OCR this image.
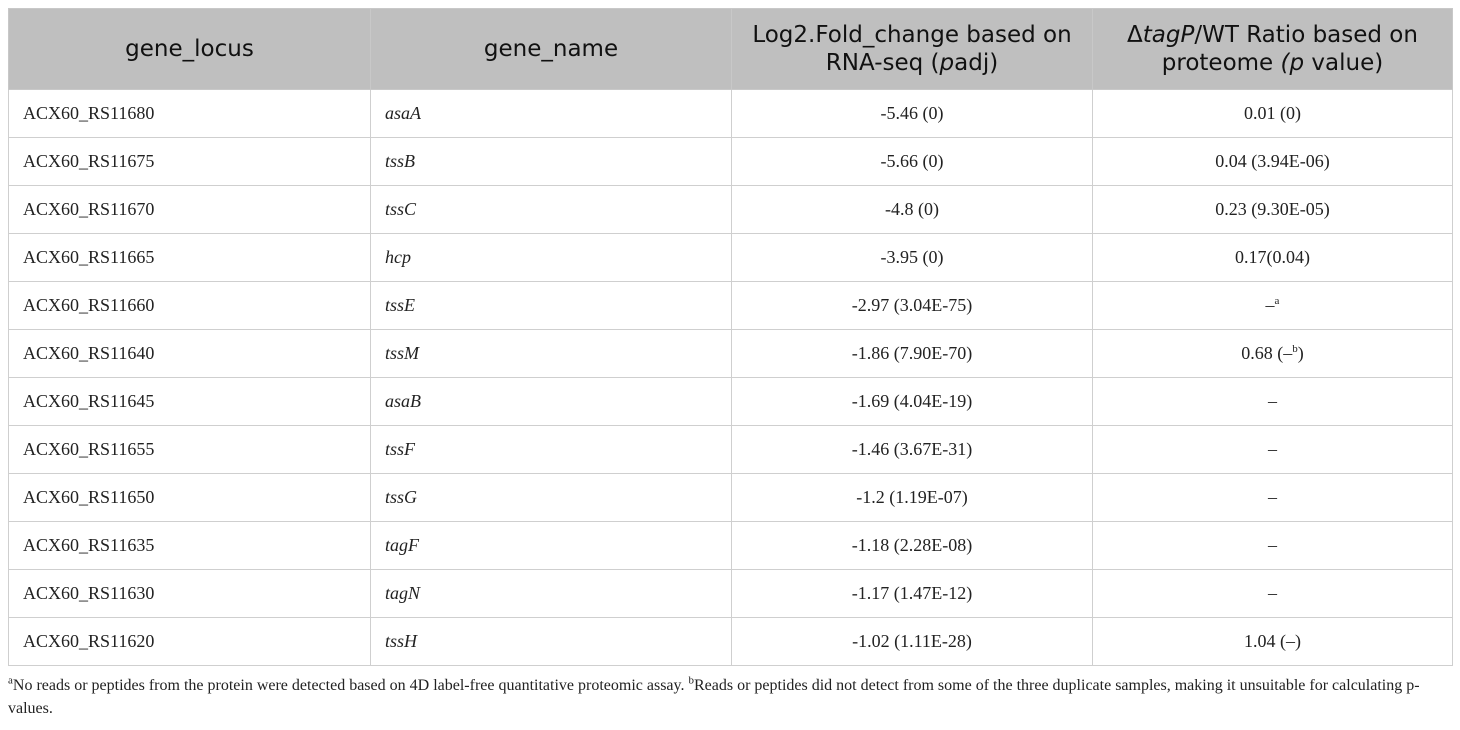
gene_locus	gene_name	Log2.Fold_change based on RNA-seq (padj)	ΔtagP/WT Ratio based on proteome (p value)
ACX60_RS11680	asaA	-5.46 (0)	0.01 (0)
ACX60_RS11675	tssB	-5.66 (0)	0.04 (3.94E-06)
ACX60_RS11670	tssC	-4.8 (0)	0.23 (9.30E-05)
ACX60_RS11665	hcp	-3.95 (0)	0.17(0.04)
ACX60_RS11660	tssE	-2.97 (3.04E-75)	–$^a$
ACX60_RS11640	tssM	-1.86 (7.90E-70)	0.68 (–$^b$)
ACX60_RS11645	asaB	-1.69 (4.04E-19)	–
ACX60_RS11655	tssF	-1.46 (3.67E-31)	–
ACX60_RS11650	tssG	-1.2 (1.19E-07)	–
ACX60_RS11635	tagF	-1.18 (2.28E-08)	–
ACX60_RS11630	tagN	-1.17 (1.47E-12)	–
ACX60_RS11620	tssH	-1.02 (1.11E-28)	1.04 (–)
$^a$No reads or peptides from the protein were detected based on 4D label-free quantitative proteomic assay. $^b$Reads or peptides did not detect from some of the three duplicate samples, making it unsuitable for calculating p-values.
